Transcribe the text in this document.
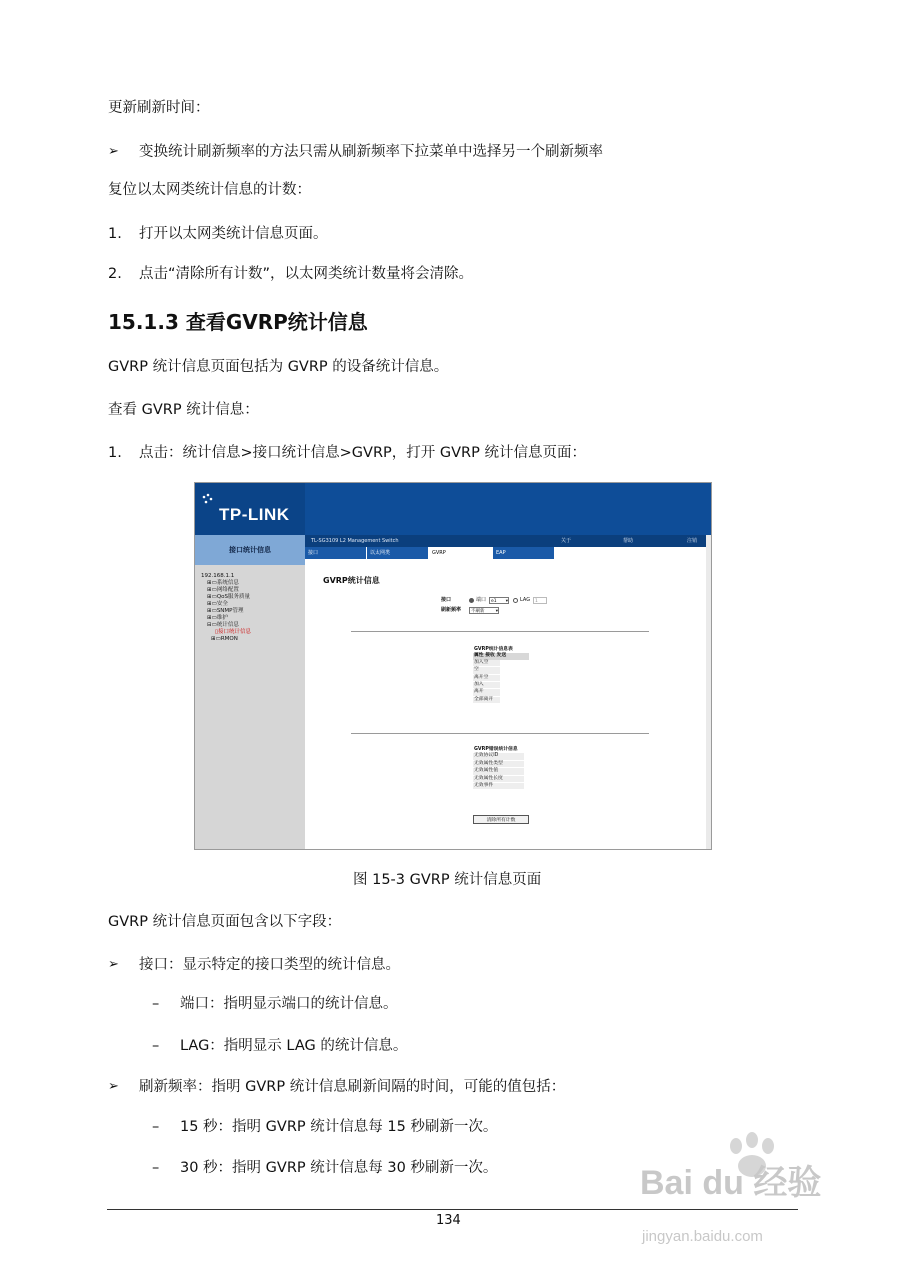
更新刷新时间：
➢ 变换统计刷新频率的方法只需从刷新频率下拉菜单中选择另一个刷新频率
复位以太网类统计信息的计数：
1. 打开以太网类统计信息页面。
2. 点击“清除所有计数”，以太网类统计数量将会清除。
15.1.3 查看GVRP统计信息
GVRP 统计信息页面包括为 GVRP 的设备统计信息。
查看 GVRP 统计信息：
1. 点击：统计信息>接口统计信息>GVRP，打开 GVRP 统计信息页面：
TP-LINK
接口统计信息
TL-SG3109 L2 Management Switch	关于	帮助	注销
接口	以太网类	GVRP	EAP
192.168.1.1
⊞▭系统信息
⊞▭网络配置
⊞▭QoS服务质量
⊞▭安全
⊞▭SNMP管理
⊞▭维护
⊟▭统计信息
▯接口统计信息
⊞▭RMON
GVRP统计信息
接口	端口	e1 ▾ LAG	1
刷新频率	不刷新 ▾
GVRP统计信息表
属性 接收 发送
加入空
空
离开空
加入
离开
全部离开
GVRP错误统计信息
无效协议ID
无效属性类型
无效属性值
无效属性长度
无效事件
清除所有计数
图 15-3 GVRP 统计信息页面
GVRP 统计信息页面包含以下字段：
➢ 接口：显示特定的接口类型的统计信息。
– 端口：指明显示端口的统计信息。
– LAG：指明显示 LAG 的统计信息。
➢ 刷新频率：指明 GVRP 统计信息刷新间隔的时间，可能的值包括：
– 15 秒：指明 GVRP 统计信息每 15 秒刷新一次。
– 30 秒：指明 GVRP 统计信息每 30 秒刷新一次。	Bai du 经验
jingyan.baidu.com
134
